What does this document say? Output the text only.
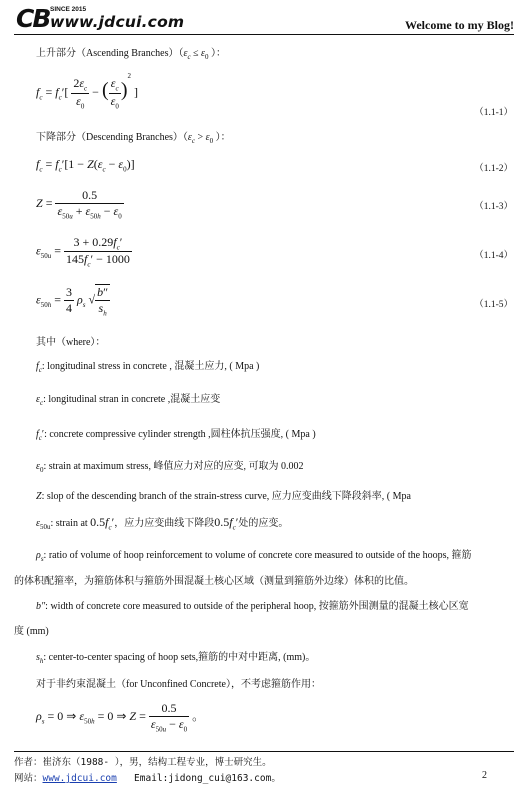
CB SINCE 2015
www.jdcui.com	Welcome to my Blog!
上升部分（Ascending $Branches)(\varepsilon_c \le \varepsilon_0$ ）：
$f_c = f_c'[ \frac{2\varepsilon_c}{\varepsilon_0}$ − ( $\frac{\varepsilon_c}{\varepsilon_0} )^2$ ]
（1.1-1）
下降部分（Descending $Branches)(\varepsilon_c > \varepsilon_0$ ）：
$f_c = f_c'[1 - Z(\varepsilon_c - \varepsilon_0)]$	（1.1-2）
$Z = \frac{0.5}{\varepsilon_{50u} + \varepsilon_{50h} - \varepsilon_0}$	（1.1-3）
$\varepsilon_{50u} = \frac{3 + 0.29f_c'}{145f_c' - 1000}$	（1.1-4）
$\varepsilon_{50h} = \frac{3}{4} \rho_s$ √ $\frac{b''}{s_h}$	（1.1-5）
其中（where）：
$f_c$: longitudinal stress in concrete , 混凝土应力, ( Mpa )
$\varepsilon_c$: longitudinal stran in concrete ,混凝土应变
$f_c'$: concrete compressive cylinder strength ,圆柱体抗压强度, ( Mpa )
$\varepsilon_0$: strain at maximum stress, 峰值应力对应的应变, 可取为 0.002
Z: slop of the descending branch of the strain-stress curve, 应力应变曲线下降段斜率, ( Mpa
$\varepsilon_{50u}$: strain at $0.5f_c'$，应力应变曲线下降段$0.5f_c'$处的应变。
$\rho_s$: ratio of volume of hoop reinforcement to volume of concrete core measured to outside of the hoops, 箍筋
的体积配箍率，为箍筋体积与箍筋外围混凝土核心区域（测量到箍筋外边缘）体积的比值。
b″: width of concrete core measured to outside of the peripheral hoop, 按箍筋外围测量的混凝土核心区宽
度 (mm)
$s_h$: center-to-center spacing of hoop sets,箍筋的中对中距离, (mm)。
对于非约束混凝土（for Unconfined Concrete），不考虑箍筋作用：
$\rho_s = 0$ ⇒ $\varepsilon_{50h} = 0$ ⇒ $Z = \frac{0.5}{\varepsilon_{50u} - \varepsilon_0}$ 。
作者：崔济东（1988- ），男，结构工程专业，博士研究生。
网站：www.jdcui.com Email:jidong_cui@163.com。	2
